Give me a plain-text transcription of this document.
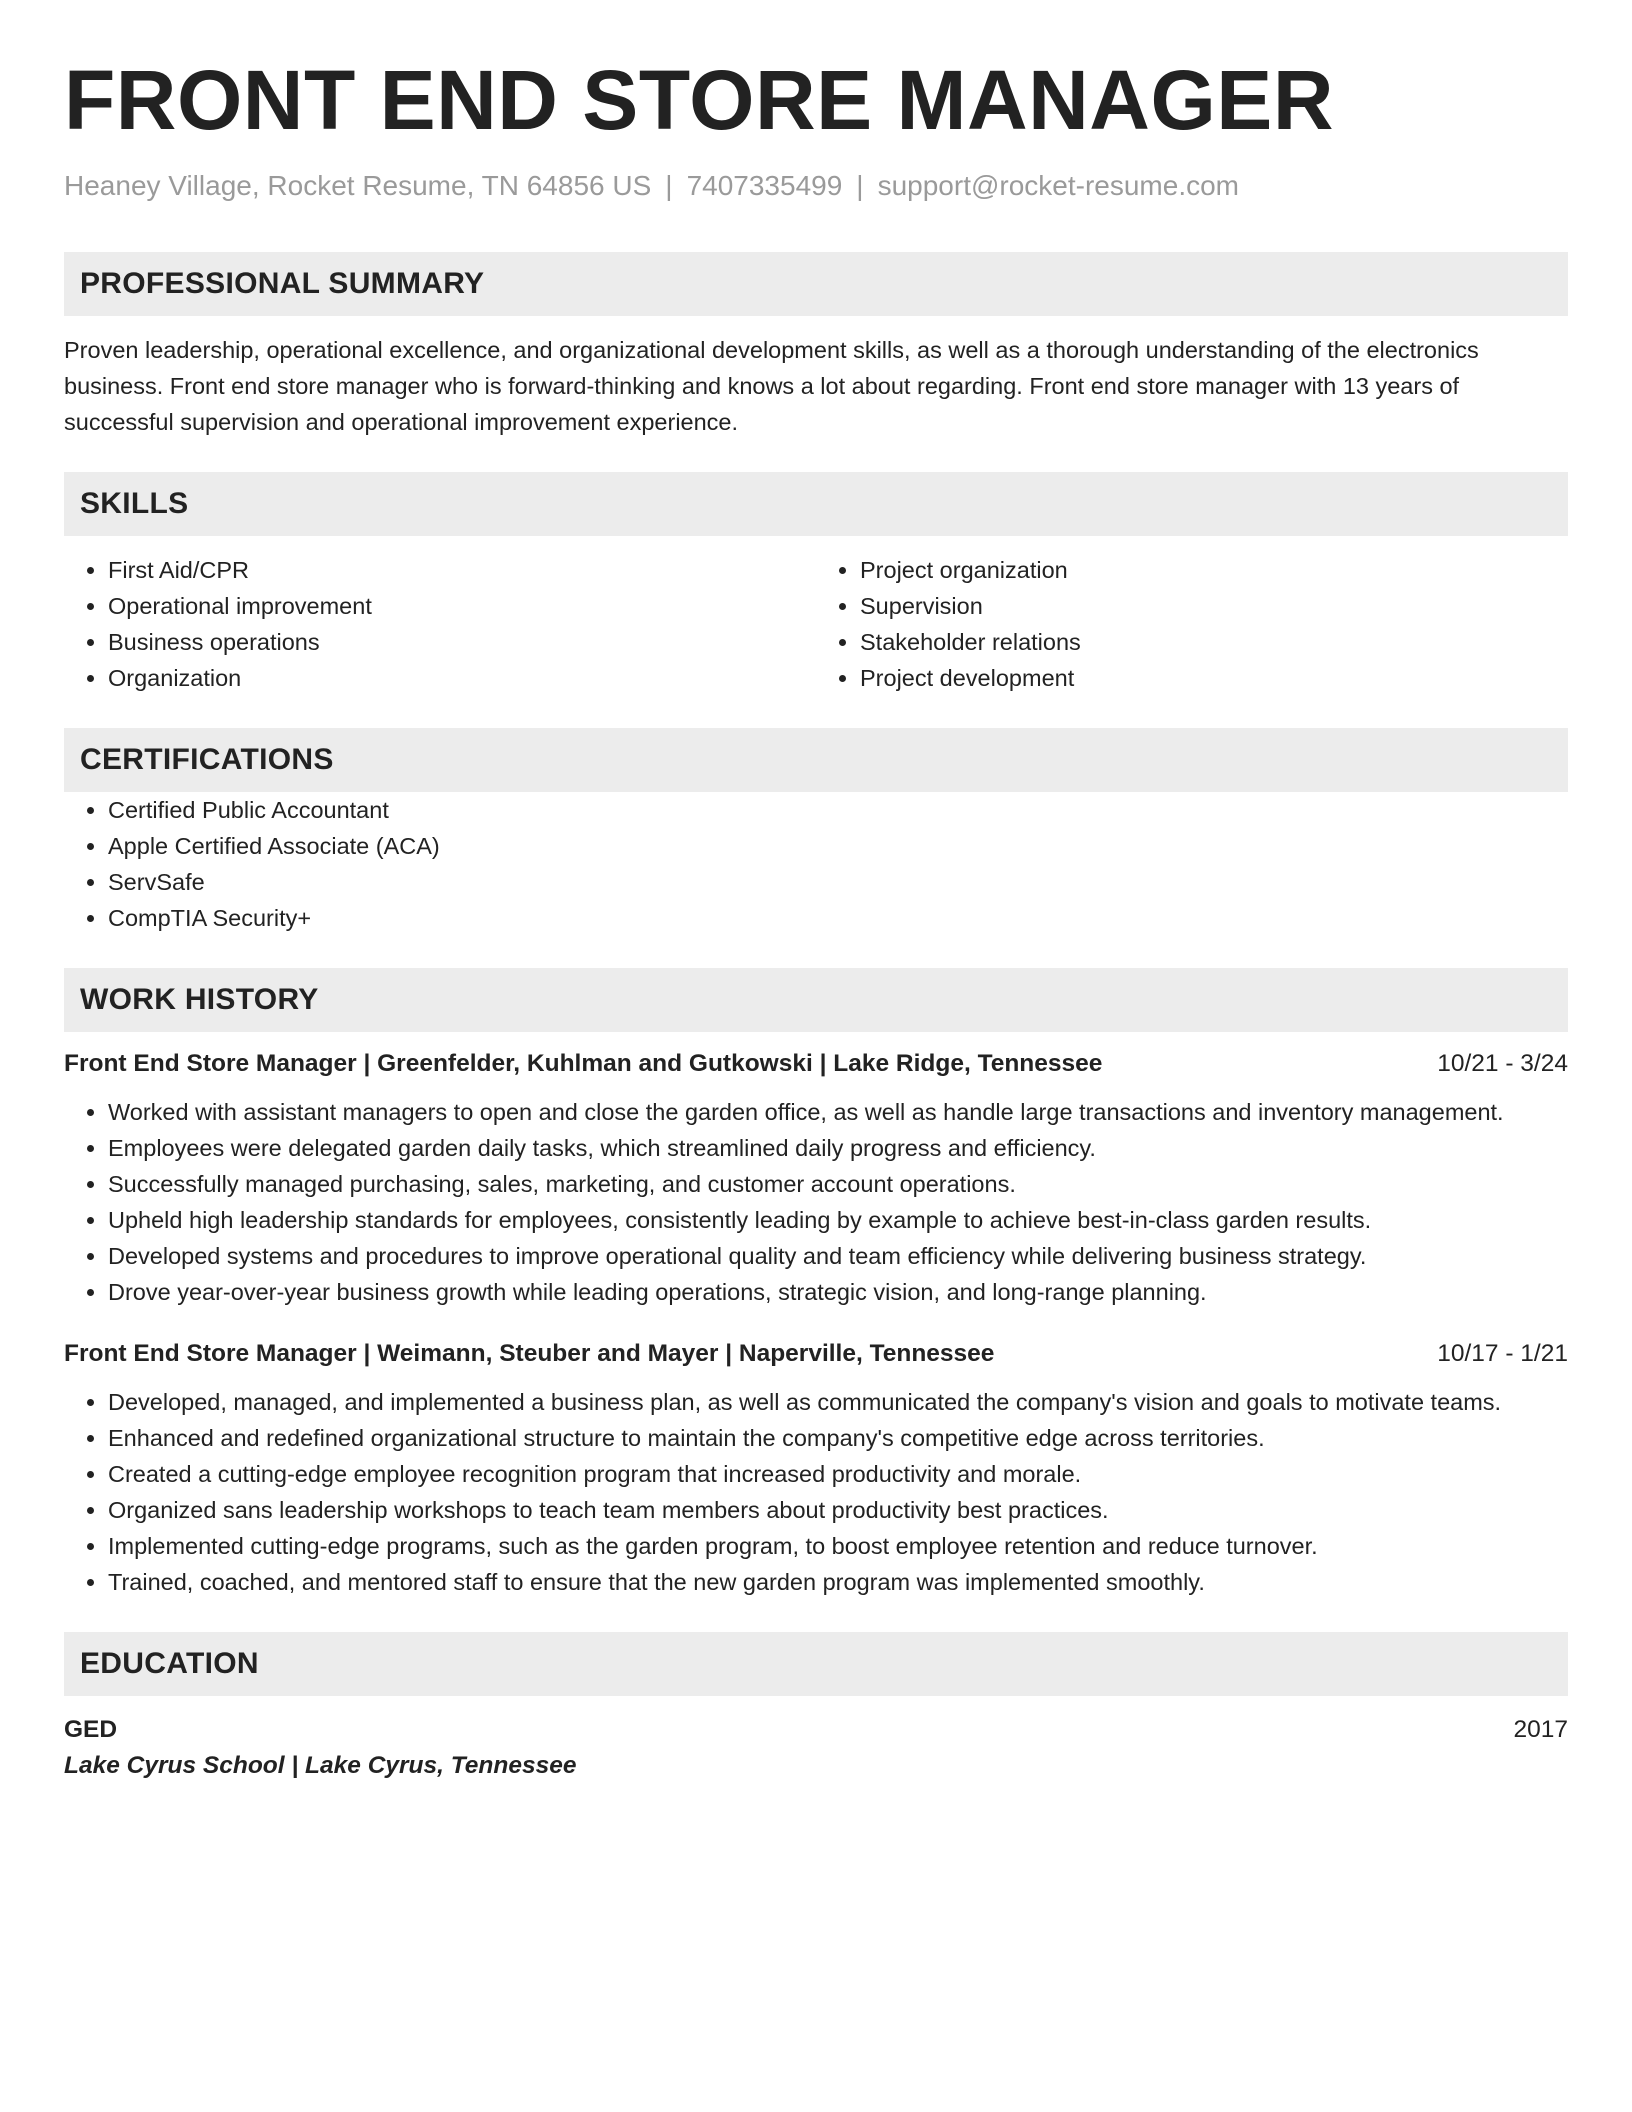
FRONT END STORE MANAGER
Heaney Village, Rocket Resume, TN 64856 US | 7407335499 | support@rocket-resume.com
PROFESSIONAL SUMMARY

Proven leadership, operational excellence, and organizational development skills, as well as a thorough understanding of the electronics business. Front end store manager who is forward-thinking and knows a lot about regarding. Front end store manager with 13 years of successful supervision and operational improvement experience.

SKILLS
• First Aid/CPR
• Operational improvement
• Business operations
• Organization
• Project organization
• Supervision
• Stakeholder relations
• Project development
CERTIFICATIONS
• Certified Public Accountant
• Apple Certified Associate (ACA)
• ServSafe
• CompTIA Security+
WORK HISTORY
Front End Store Manager | Greenfelder, Kuhlman and Gutkowski | Lake Ridge, Tennessee	10/21 - 3/24
• Worked with assistant managers to open and close the garden office, as well as handle large transactions and inventory management.
• Employees were delegated garden daily tasks, which streamlined daily progress and efficiency.
• Successfully managed purchasing, sales, marketing, and customer account operations.
• Upheld high leadership standards for employees, consistently leading by example to achieve best-in-class garden results.
• Developed systems and procedures to improve operational quality and team efficiency while delivering business strategy.
• Drove year-over-year business growth while leading operations, strategic vision, and long-range planning.
Front End Store Manager | Weimann, Steuber and Mayer | Naperville, Tennessee	10/17 - 1/21
• Developed, managed, and implemented a business plan, as well as communicated the company's vision and goals to motivate teams.
• Enhanced and redefined organizational structure to maintain the company's competitive edge across territories.
• Created a cutting-edge employee recognition program that increased productivity and morale.
• Organized sans leadership workshops to teach team members about productivity best practices.
• Implemented cutting-edge programs, such as the garden program, to boost employee retention and reduce turnover.
• Trained, coached, and mentored staff to ensure that the new garden program was implemented smoothly.
EDUCATION
GED	2017
Lake Cyrus School | Lake Cyrus, Tennessee
